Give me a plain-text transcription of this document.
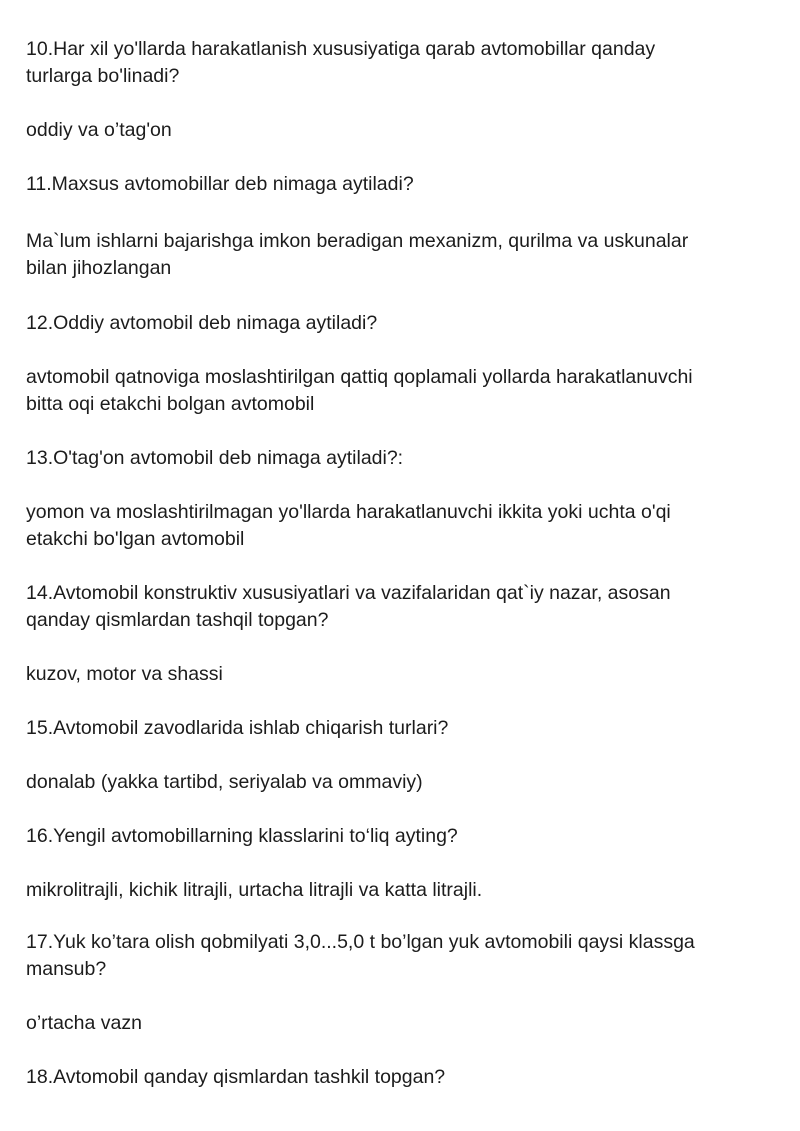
10.Har xil yo'llarda harakatlanish xususiyatiga qarab avtomobillar qanday

turlarga bo'linadi?

oddiy va o’tag'on

11.Maxsus avtomobillar deb nimaga aytiladi?

Ma`lum ishlarni bajarishga imkon beradigan mexanizm, qurilma va uskunalar

bilan jihozlangan

12.Oddiy avtomobil deb nimaga aytiladi?

avtomobil qatnoviga moslashtirilgan qattiq qoplamali yollarda harakatlanuvchi

bitta oqi etakchi bolgan avtomobil

13.O'tag'on avtomobil deb nimaga aytiladi?:

yomon va moslashtirilmagan yo'llarda harakatlanuvchi ikkita yoki uchta o'qi

etakchi bo'lgan avtomobil

14.Avtomobil konstruktiv xususiyatlari va vazifalaridan qat`iy nazar, asosan

qanday qismlardan tashqil topgan?

kuzov, motor va shassi

15.Avtomobil zavodlarida ishlab chiqarish turlari?

donalab (yakka tartibd, seriyalab va ommaviy)

16.Yengil avtomobillarning klasslarini to‘liq ayting?

mikrolitrajli, kichik litrajli, urtacha litrajli va katta litrajli.

17.Yuk ko’tara olish qobmilyati 3,0...5,0 t bo’lgan yuk avtomobili qaysi klassga

mansub?

o’rtacha vazn

18.Avtomobil qanday qismlardan tashkil topgan?
